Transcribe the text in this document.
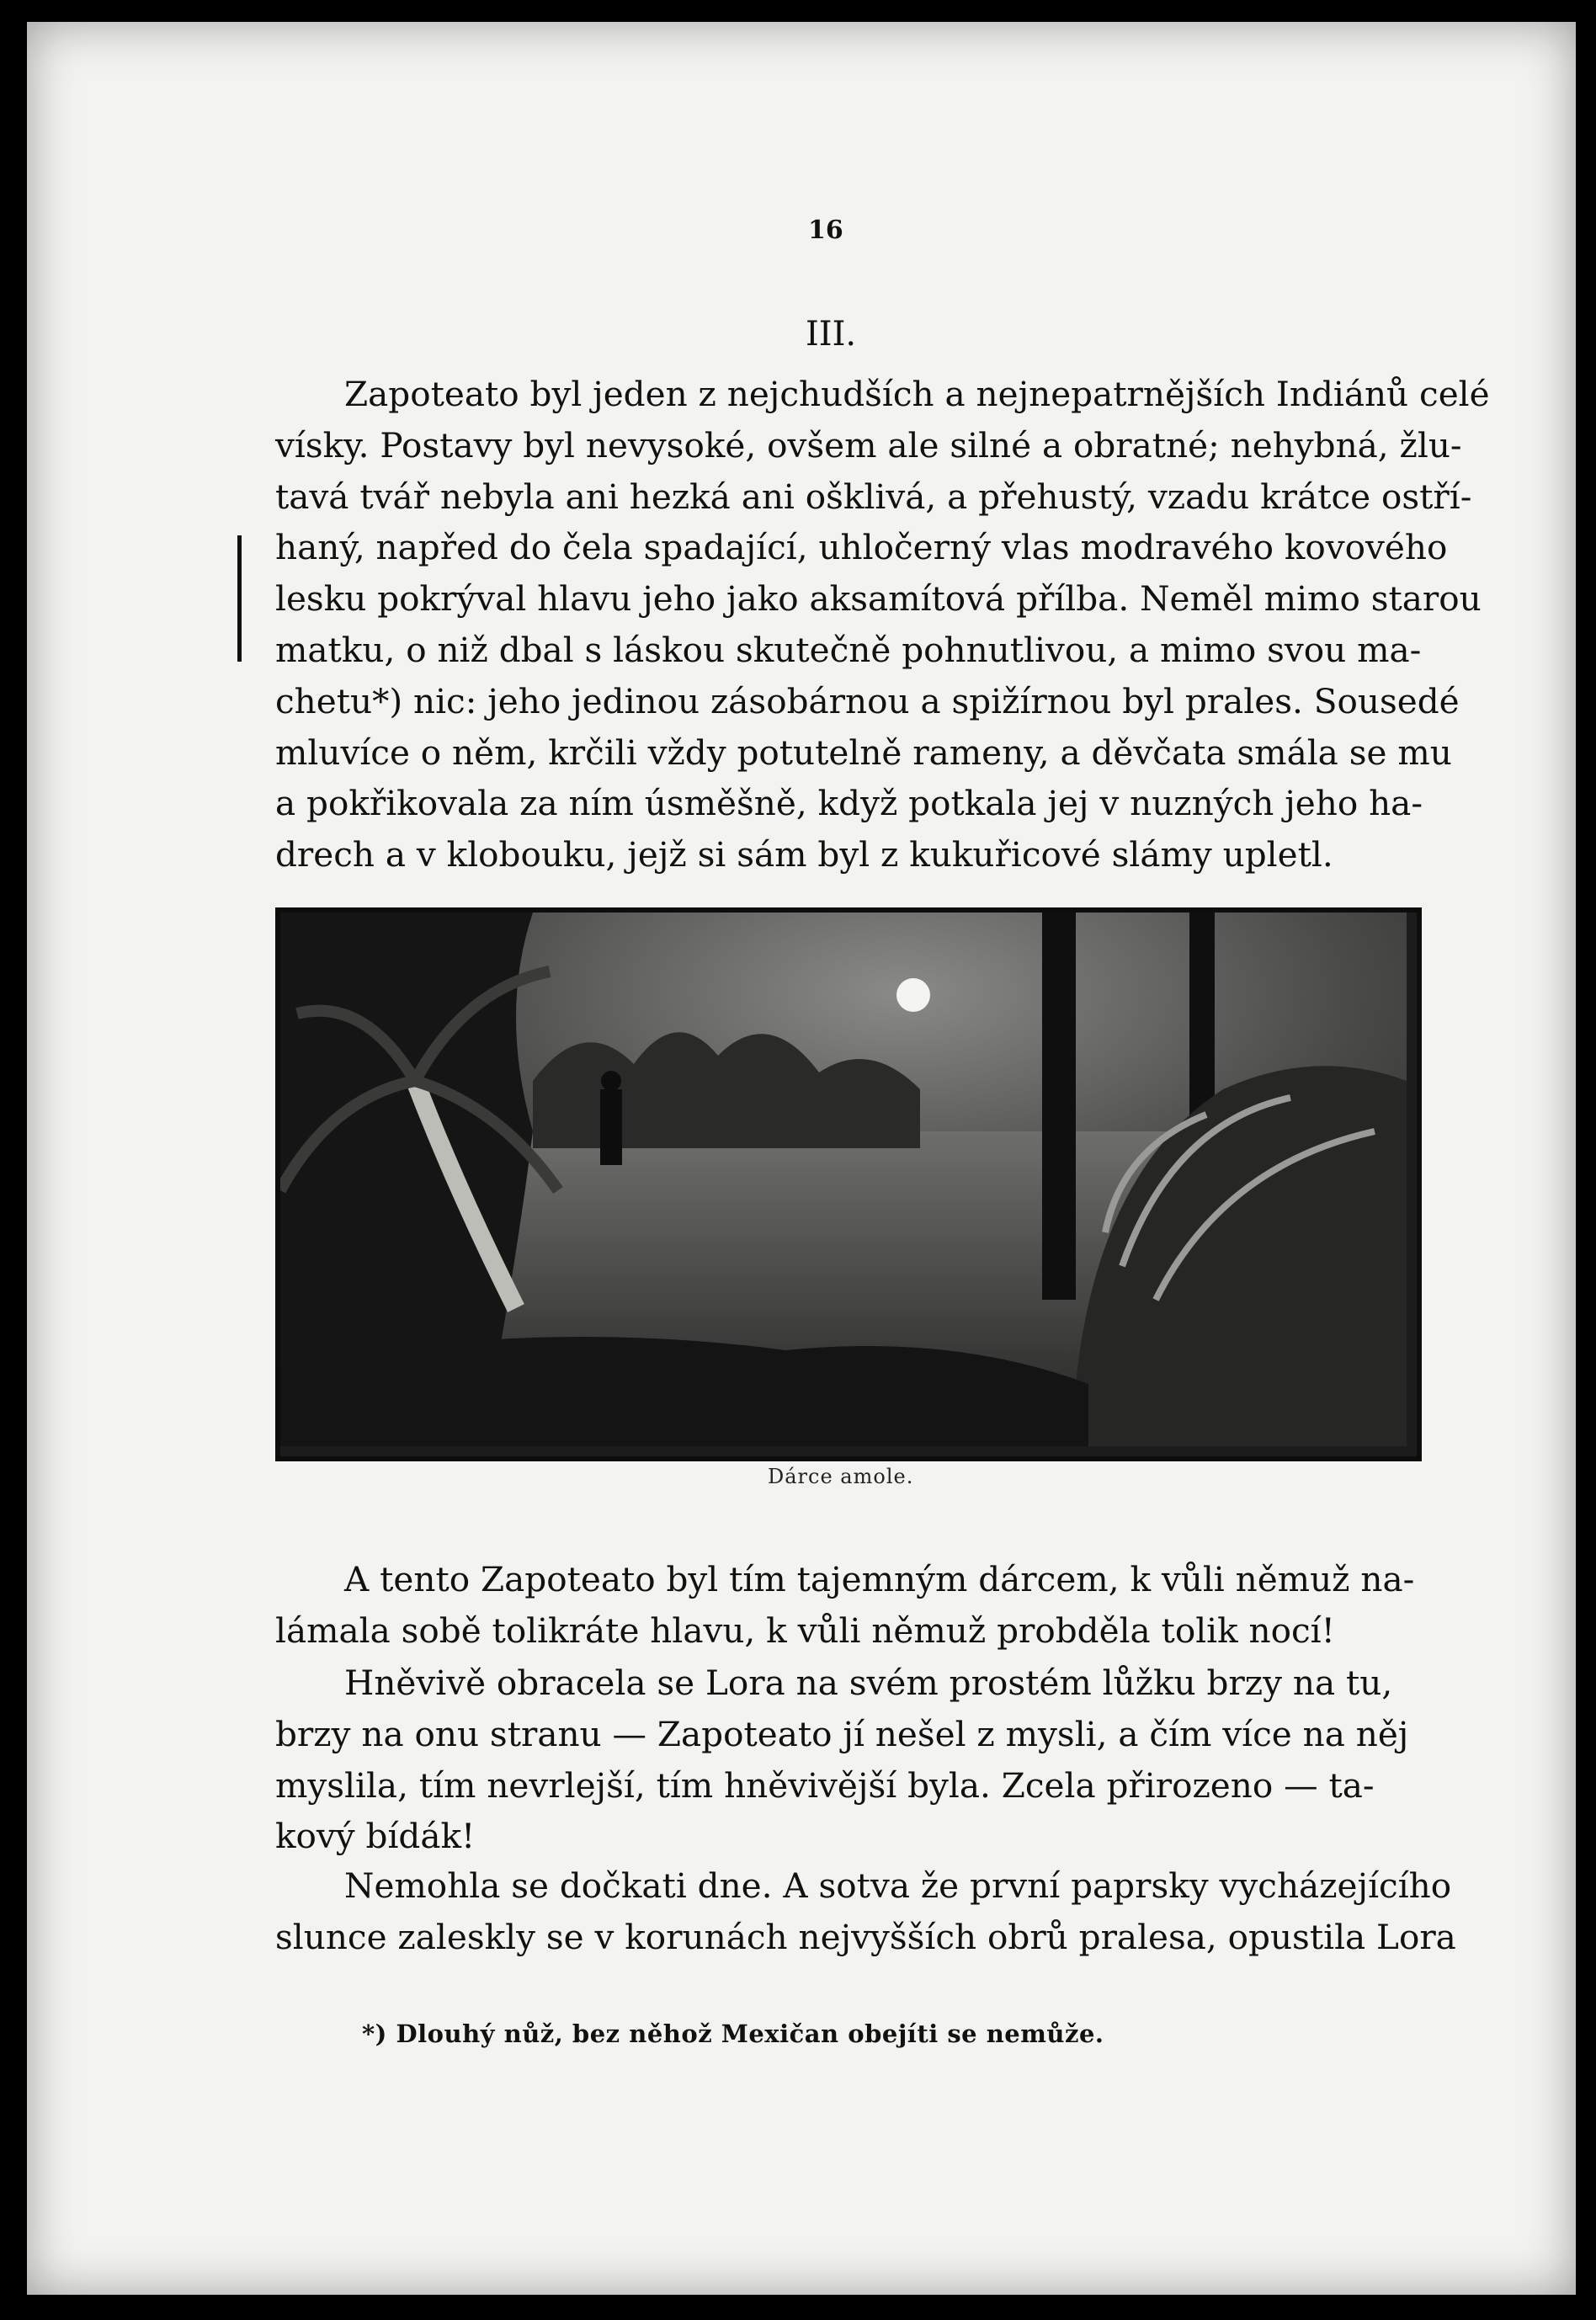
16
III.
Zapoteato byl jeden z nejchudších a nejnepatrnějších Indiánů celé
vísky. Postavy byl nevysoké, ovšem ale silné a obratné; nehybná, žlu-
tavá tvář nebyla ani hezká ani ošklivá, a přehustý, vzadu krátce ostří-
haný, napřed do čela spadající, uhločerný vlas modravého kovového
lesku pokrýval hlavu jeho jako aksamítová přílba. Neměl mimo starou
matku, o niž dbal s láskou skutečně pohnutlivou, a mimo svou ma-
chetu*) nic: jeho jedinou zásobárnou a spižírnou byl prales. Sousedé
mluvíce o něm, krčili vždy potutelně rameny, a děvčata smála se mu
a pokřikovala za ním úsměšně, když potkala jej v nuzných jeho ha-
drech a v klobouku, jejž si sám byl z kukuřicové slámy upletl.
Dárce amole.
A tento Zapoteato byl tím tajemným dárcem, k vůli němuž na-
lámala sobě tolikráte hlavu, k vůli němuž probděla tolik nocí!
Hněvivě obracela se Lora na svém prostém lůžku brzy na tu,
brzy na onu stranu — Zapoteato jí nešel z mysli, a čím více na něj
myslila, tím nevrlejší, tím hněvivější byla. Zcela přirozeno — ta-
kový bídák!
Nemohla se dočkati dne. A sotva že první paprsky vycházejícího
slunce zaleskly se v korunách nejvyšších obrů pralesa, opustila Lora
*) Dlouhý nůž, bez něhož Mexičan obejíti se nemůže.
